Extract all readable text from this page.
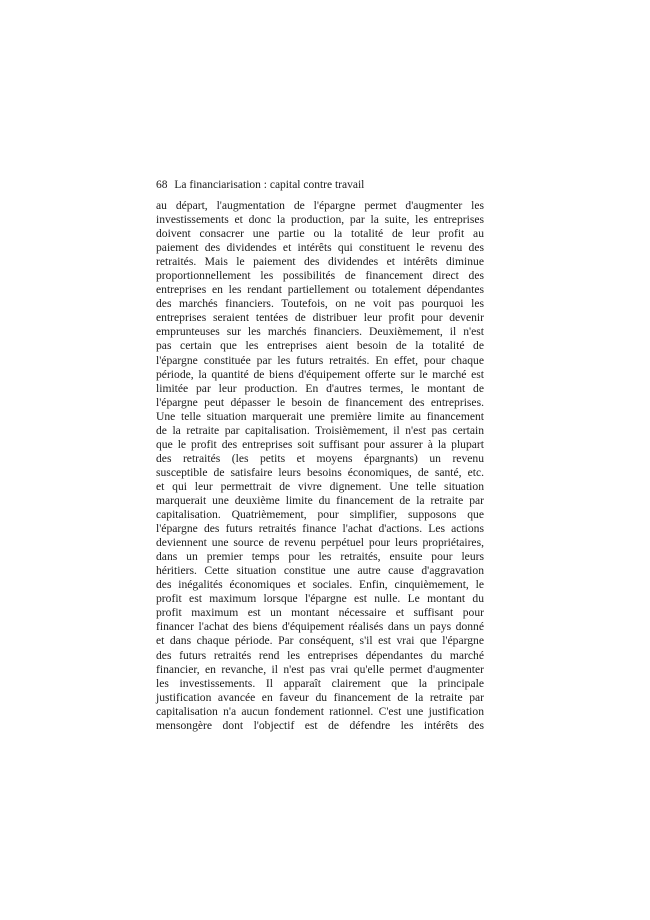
68 La financiarisation : capital contre travail
au départ, l'augmentation de l'épargne permet d'augmenter les
investissements et donc la production, par la suite, les entreprises
doivent consacrer une partie ou la totalité de leur profit au
paiement des dividendes et intérêts qui constituent le revenu des
retraités. Mais le paiement des dividendes et intérêts diminue
proportionnellement les possibilités de financement direct des
entreprises en les rendant partiellement ou totalement dépendantes
des marchés financiers. Toutefois, on ne voit pas pourquoi les
entreprises seraient tentées de distribuer leur profit pour devenir
emprunteuses sur les marchés financiers. Deuxièmement, il n'est
pas certain que les entreprises aient besoin de la totalité de
l'épargne constituée par les futurs retraités. En effet, pour chaque
période, la quantité de biens d'équipement offerte sur le marché est
limitée par leur production. En d'autres termes, le montant de
l'épargne peut dépasser le besoin de financement des entreprises.
Une telle situation marquerait une première limite au financement
de la retraite par capitalisation. Troisièmement, il n'est pas certain
que le profit des entreprises soit suffisant pour assurer à la plupart
des retraités (les petits et moyens épargnants) un revenu
susceptible de satisfaire leurs besoins économiques, de santé, etc.
et qui leur permettrait de vivre dignement. Une telle situation
marquerait une deuxième limite du financement de la retraite par
capitalisation. Quatrièmement, pour simplifier, supposons que
l'épargne des futurs retraités finance l'achat d'actions. Les actions
deviennent une source de revenu perpétuel pour leurs propriétaires,
dans un premier temps pour les retraités, ensuite pour leurs
héritiers. Cette situation constitue une autre cause d'aggravation
des inégalités économiques et sociales. Enfin, cinquièmement, le
profit est maximum lorsque l'épargne est nulle. Le montant du
profit maximum est un montant nécessaire et suffisant pour
financer l'achat des biens d'équipement réalisés dans un pays donné
et dans chaque période. Par conséquent, s'il est vrai que l'épargne
des futurs retraités rend les entreprises dépendantes du marché
financier, en revanche, il n'est pas vrai qu'elle permet d'augmenter
les investissements. Il apparaît clairement que la principale
justification avancée en faveur du financement de la retraite par
capitalisation n'a aucun fondement rationnel. C'est une justification
mensongère dont l'objectif est de défendre les intérêts des
